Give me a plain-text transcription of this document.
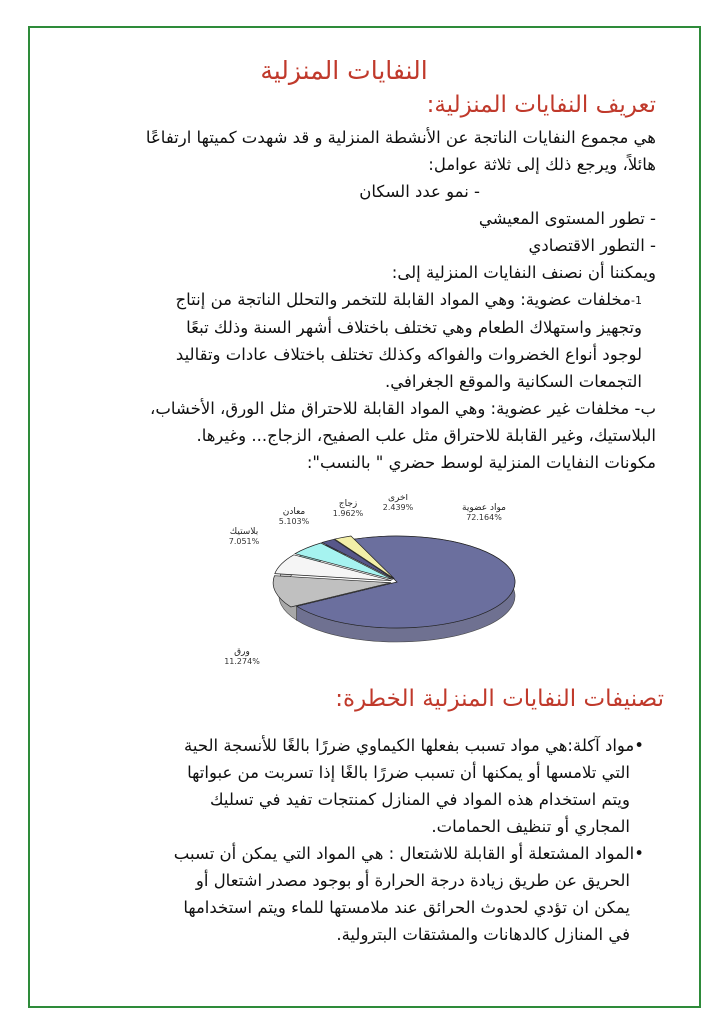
النفايات المنزلية
تعريف النفايات المنزلية:

هي مجموع النفايات الناتجة عن الأنشطة المنزلية و قد شهدت كميتها ارتفاعًا

هائلاً، ويرجع ذلك إلى ثلاثة عوامل:

- نمو عدد السكان

- تطور المستوى المعيشي

- التطور الاقتصادي

ويمكننا أن نصنف النفايات المنزلية إلى:

1-مخلفات عضوية: وهي المواد القابلة للتخمر والتحلل الناتجة من إنتاج

وتجهيز واستهلاك الطعام وهي تختلف باختلاف أشهر السنة وذلك تبعًا

لوجود أنواع الخضروات والفواكه وكذلك تختلف باختلاف عادات وتقاليد

التجمعات السكانية والموقع الجغرافي.

ب- مخلفات غير عضوية: وهي المواد القابلة للاحتراق مثل الورق، الأخشاب،

البلاستيك، وغير القابلة للاحتراق مثل علب الصفيح، الزجاج... وغيرها.

مكونات النفايات المنزلية لوسط حضري " بالنسب":

مواد عضوية
72.164%
ورق
11.274%
بلاستيك
7.051%
معادن
5.103%
زجاج
1.962%
أخرى
2.439%
تصنيفات النفايات المنزلية الخطرة:

•مواد آكلة:هي مواد تسبب بفعلها الكيماوي ضررًا بالغًا للأنسجة الحية

التي تلامسها أو يمكنها أن تسبب ضررًا بالغًا إذا تسربت من عبواتها

ويتم استخدام هذه المواد في المنازل كمنتجات تفيد في تسليك

المجاري أو تنظيف الحمامات.

•المواد المشتعلة أو القابلة للاشتعال : هي المواد التي يمكن أن تسبب

الحريق عن طريق زيادة درجة الحرارة أو بوجود مصدر اشتعال أو

يمكن ان تؤدي لحدوث الحرائق عند ملامستها للماء ويتم استخدامها

في المنازل كالدهانات والمشتقات البترولية.
